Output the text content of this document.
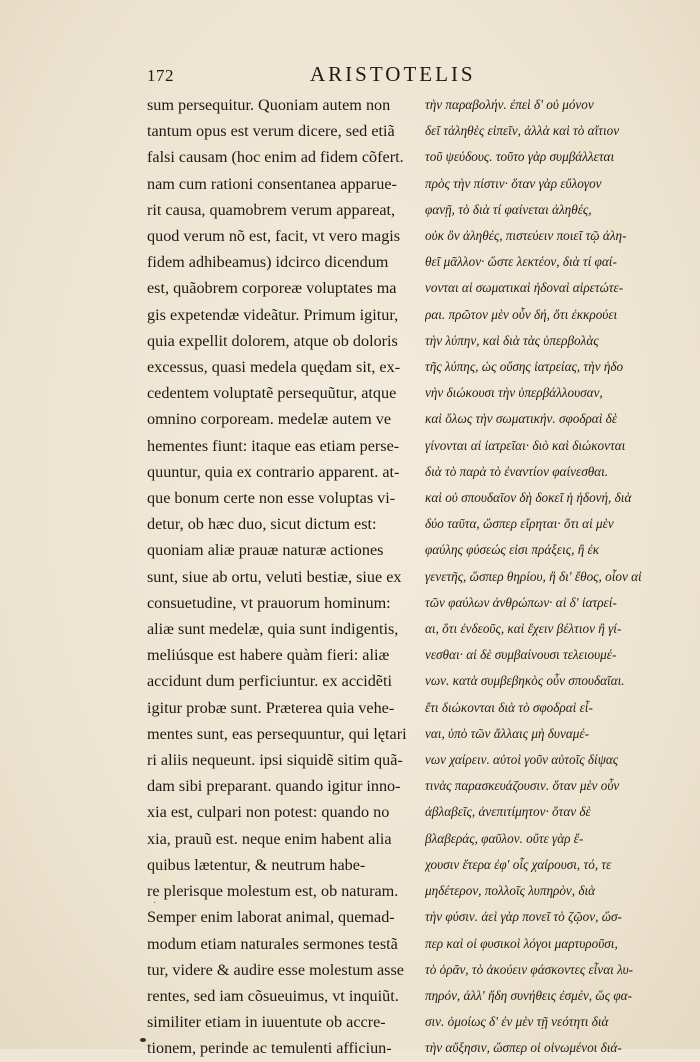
172	ARISTOTELIS
sum persequitur. Quoniam autem non
tantum opus est verum dicere, sed etiã
falsi causam (hoc enim ad fidem cõfert.
nam cum rationi consentanea apparue-
rit causa, quamobrem verum appareat,
quod verum nõ est, facit, vt vero magis
fidem adhibeamus) idcirco dicendum
est, quãobrem corporeæ voluptates ma
gis expetendæ videãtur. Primum igitur,
quia expellit dolorem, atque ob doloris
excessus, quasi medela quędam sit, ex-
cedentem voluptatẽ persequũtur, atque
omnino corpoream. medelæ autem ve
hementes fiunt: itaque eas etiam perse-
quuntur, quia ex contrario apparent. at-
que bonum certe non esse voluptas vi-
detur, ob hæc duo, sicut dictum est:
quoniam aliæ prauæ naturæ actiones
sunt, siue ab ortu, veluti bestiæ, siue ex
consuetudine, vt prauorum hominum:
aliæ sunt medelæ, quia sunt indigentis,
meliúsque est habere quàm fieri: aliæ
accidunt dum perficiuntur. ex accidẽti
igitur probæ sunt. Præterea quia vehe-
mentes sunt, eas persequuntur, qui lętari
ri aliis nequeunt. ipsi siquidẽ sitim quã-
dam sibi preparant. quando igitur inno-
xia est, culpari non potest: quando no
xia, prauũ est. neque enim habent alia
quibus lætentur, & neutrum habe-
re plerisque molestum est, ob naturam.
Semper enim laborat animal, quemad-
modum etiam naturales sermones testã
tur, videre & audire esse molestum asse
rentes, sed iam cõsueuimus, vt inquiũt.
similiter etiam in iuuentute ob accre-
tionem, perinde ac temulenti afficiun-
τὴν παραβολήν. ἐπεὶ δ' οὐ μόνον
δεῖ τἀληθὲς εἰπεῖν, ἀλλὰ καὶ τὸ αἴτιον
τοῦ ψεύδους. τοῦτο γὰρ συμβάλλεται
πρὸς τὴν πίστιν· ὅταν γὰρ εὔλογον
φανῇ, τὸ διὰ τί φαίνεται ἀληθές,
οὐκ ὂν ἀληθές, πιστεύειν ποιεῖ τῷ ἀλη-
θεῖ μᾶλλον· ὥστε λεκτέον, διὰ τί φαί-
νονται αἱ σωματικαὶ ἡδοναὶ αἱρετώτε-
ραι. πρῶτον μὲν οὖν δή, ὅτι ἐκκρούει
τὴν λύπην, καὶ διὰ τὰς ὑπερβολὰς
τῆς λύπης, ὡς οὔσης ἰατρείας, τὴν ἡδο
νὴν διώκουσι τὴν ὑπερβάλλουσαν,
καὶ ὅλως τὴν σωματικήν. σφοδραὶ δὲ
γίνονται αἱ ἰατρεῖαι· διὸ καὶ διώκονται
διὰ τὸ παρὰ τὸ ἐναντίον φαίνεσθαι.
καὶ οὐ σπουδαῖον δὴ δοκεῖ ἡ ἡδονή, διὰ
δύο ταῦτα, ὥσπερ εἴρηται· ὅτι αἱ μὲν
φαύλης φύσεώς εἰσι πράξεις, ἢ ἐκ
γενετῆς, ὥσπερ θηρίου, ἢ δι' ἔθος, οἷον αἱ
τῶν φαύλων ἀνθρώπων· αἱ δ' ἰατρεί-
αι, ὅτι ἐνδεοῦς, καὶ ἔχειν βέλτιον ἢ γί-
νεσθαι· αἱ δὲ συμβαίνουσι τελειουμέ-
νων. κατὰ συμβεβηκὸς οὖν σπουδαῖαι.
ἔτι διώκονται διὰ τὸ σφοδραὶ εἶ-
ναι, ὑπὸ τῶν ἄλλαις μὴ δυναμέ-
νων χαίρειν. αὐτοὶ γοῦν αὑτοῖς δίψας
τινὰς παρασκευάζουσιν. ὅταν μὲν οὖν
ἀβλαβεῖς, ἀνεπιτίμητον· ὅταν δὲ
βλαβεράς, φαῦλον. οὔτε γὰρ ἔ-
χουσιν ἕτερα ἐφ' οἷς χαίρουσι, τό, τε
μηδέτερον, πολλοῖς λυπηρὸν, διὰ
τὴν φύσιν. ἀεὶ γὰρ πονεῖ τὸ ζῷον, ὥσ-
περ καὶ οἱ φυσικοὶ λόγοι μαρτυροῦσι,
τὸ ὁρᾶν, τὸ ἀκούειν φάσκοντες εἶναι λυ-
πηρόν, ἀλλ' ἤδη συνήθεις ἐσμέν, ὥς φα-
σιν. ὁμοίως δ' ἐν μὲν τῇ νεότητι διὰ
τὴν αὔξησιν, ὥσπερ οἱ οἰνωμένοι διά-
·
